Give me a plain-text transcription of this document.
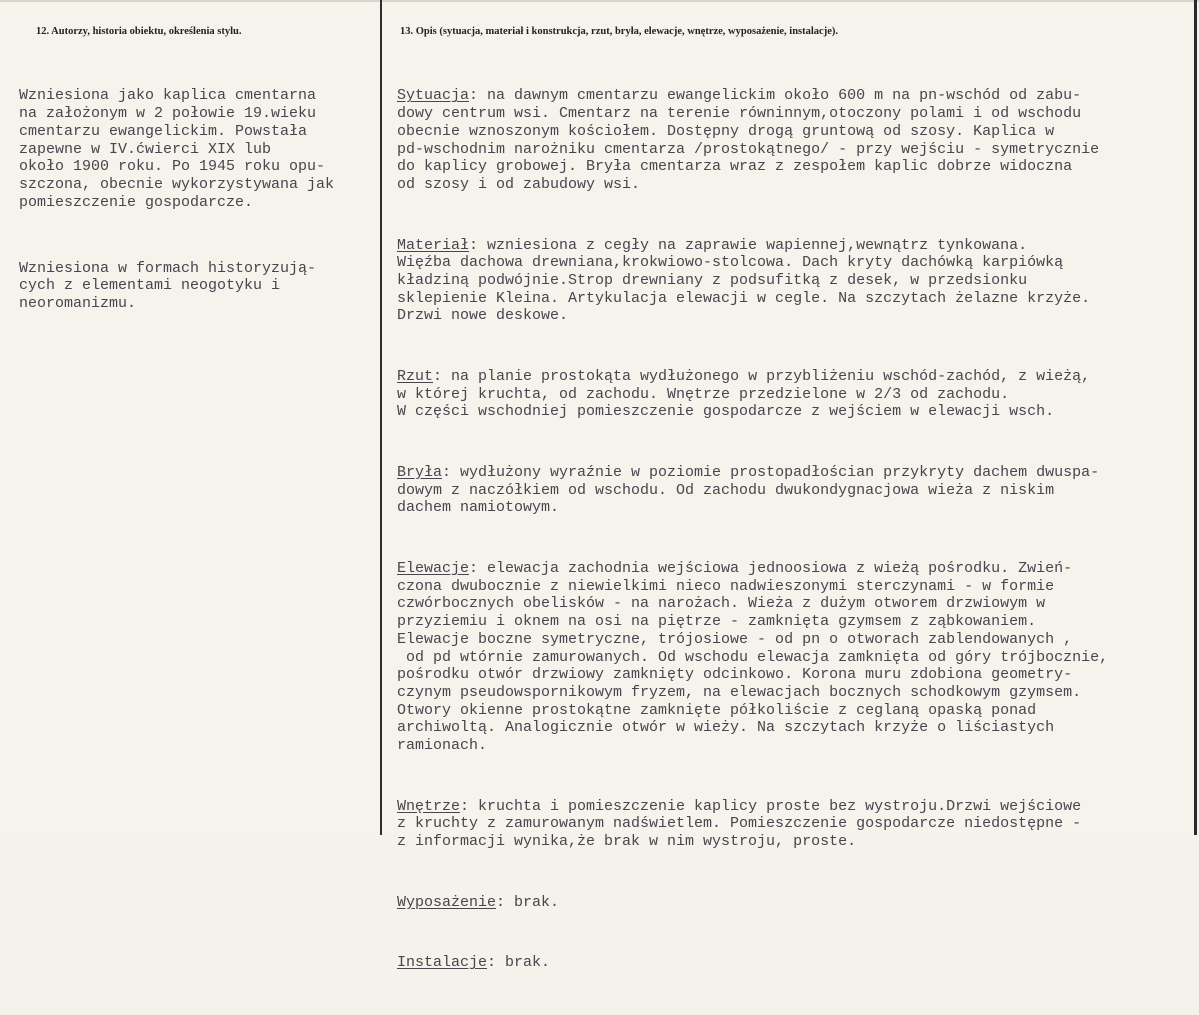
12. Autorzy, historia obiektu, określenia stylu.	13. Opis (sytuacja, materiał i konstrukcja, rzut, bryła, elewacje, wnętrze, wyposażenie, instalacje).

Wzniesiona jako kaplica cmentarna
na założonym w 2 połowie 19.wieku
cmentarzu ewangelickim. Powstała
zapewne w IV.ćwierci XIX lub
około 1900 roku. Po 1945 roku opu-
szczona, obecnie wykorzystywana jak
pomieszczenie gospodarcze.

Wzniesiona w formach historyzują-
cych z elementami neogotyku i
neoromanizmu.

Sytuacja: na dawnym cmentarzu ewangelickim około 600 m na pn-wschód od zabu-
dowy centrum wsi. Cmentarz na terenie równinnym,otoczony polami i od wschodu
obecnie wznoszonym kościołem. Dostępny drogą gruntową od szosy. Kaplica w
pd-wschodnim narożniku cmentarza /prostokątnego/ - przy wejściu - symetrycznie
do kaplicy grobowej. Bryła cmentarza wraz z zespołem kaplic dobrze widoczna
od szosy i od zabudowy wsi.

Materiał: wzniesiona z cegły na zaprawie wapiennej,wewnątrz tynkowana.
Więźba dachowa drewniana,krokwiowo-stolcowa. Dach kryty dachówką karpiówką
kładziną podwójnie.Strop drewniany z podsufitką z desek, w przedsionku
sklepienie Kleina. Artykulacja elewacji w cegle. Na szczytach żelazne krzyże.
Drzwi nowe deskowe.

Rzut: na planie prostokąta wydłużonego w przybliżeniu wschód-zachód, z wieżą,
w której kruchta, od zachodu. Wnętrze przedzielone w 2/3 od zachodu.
W części wschodniej pomieszczenie gospodarcze z wejściem w elewacji wsch.

Bryła: wydłużony wyraźnie w poziomie prostopadłościan przykryty dachem dwuspa-
dowym z naczółkiem od wschodu. Od zachodu dwukondygnacjowa wieża z niskim
dachem namiotowym.

Elewacje: elewacja zachodnia wejściowa jednoosiowa z wieżą pośrodku. Zwień-
czona dwubocznie z niewielkimi nieco nadwieszonymi sterczynami - w formie
czwórbocznych obelisków - na narożach. Wieża z dużym otworem drzwiowym w
przyziemiu i oknem na osi na piętrze - zamknięta gzymsem z ząbkowaniem.
Elewacje boczne symetryczne, trójosiowe - od pn o otworach zablendowanych ,
od pd wtórnie zamurowanych. Od wschodu elewacja zamknięta od góry trójbocznie,
pośrodku otwór drzwiowy zamknięty odcinkowo. Korona muru zdobiona geometry-
czynym pseudowspornikowym fryzem, na elewacjach bocznych schodkowym gzymsem.
Otwory okienne prostokątne zamknięte półkoliście z ceglaną opaską ponad
archiwoltą. Analogicznie otwór w wieży. Na szczytach krzyże o liściastych
ramionach.

Wnętrze: kruchta i pomieszczenie kaplicy proste bez wystroju.Drzwi wejściowe
z kruchty z zamurowanym nadświetlem. Pomieszczenie gospodarcze niedostępne -
z informacji wynika,że brak w nim wystroju, proste.

Wyposażenie: brak.

Instalacje: brak.
